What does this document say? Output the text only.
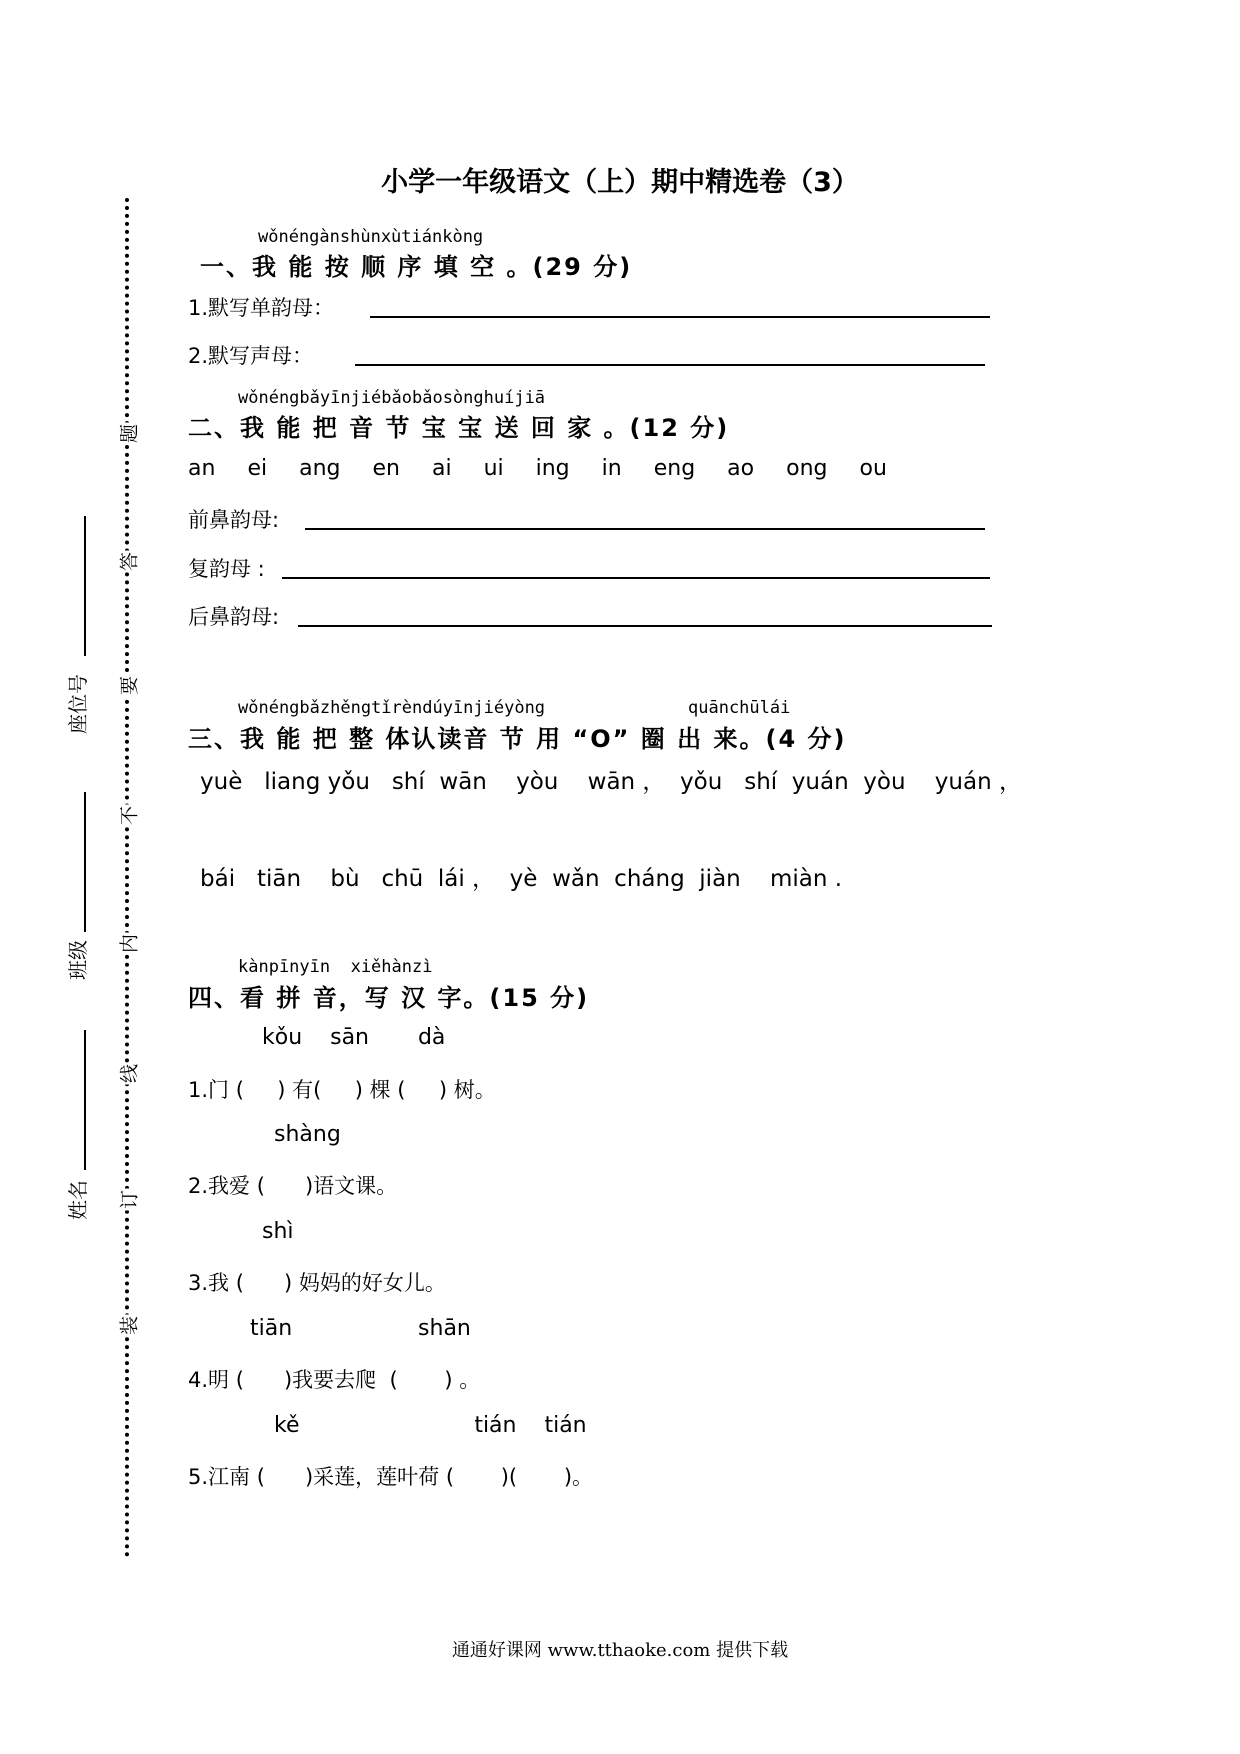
小学一年级语文（上）期中精选卷（3）
题
答
要
不
内
线
订
装
座位号
班级
姓名
wǒnéngànshùnxùtiánkòng
一、我 能 按 顺 序 填 空 。(29 分)
1.默写单韵母：
2.默写声母：
wǒnéngbǎyīnjiébǎobǎosònghuíjiā
二、我 能 把 音 节 宝 宝 送 回 家 。(12 分)
an ei ang en ai ui ing in eng ao ong ou
前鼻韵母:
复韵母 :
后鼻韵母:
wǒnéngbǎzhěngtǐrèndúyīnjiéyòng	quānchūlái
三、我 能 把 整 体认读音 节 用 “O” 圈 出 来。(4 分)
yuè   liang yǒu   shí  wān    yòu    wān ，  yǒu   shí  yuán  yòu    yuán ，
bái   tiān    bù   chū  lái ，  yè  wǎn  cháng  jiàn    miàn .
kànpīnyīn  xiěhànzì
四、看 拼 音，写 汉 字。(15 分)
kǒu    sān       dà
1.门 (     ) 有(     ) 棵 (     ) 树。
shàng
2.我爱 (      )语文课。
shì
3.我 (      ) 妈妈的好女儿。
tiān                  shān
4.明 (      )我要去爬  (       ) 。
kě                         tián    tián
5.江南 (      )采莲，莲叶荷 (       )(       )。
通通好课网 www.tthaoke.com 提供下载
